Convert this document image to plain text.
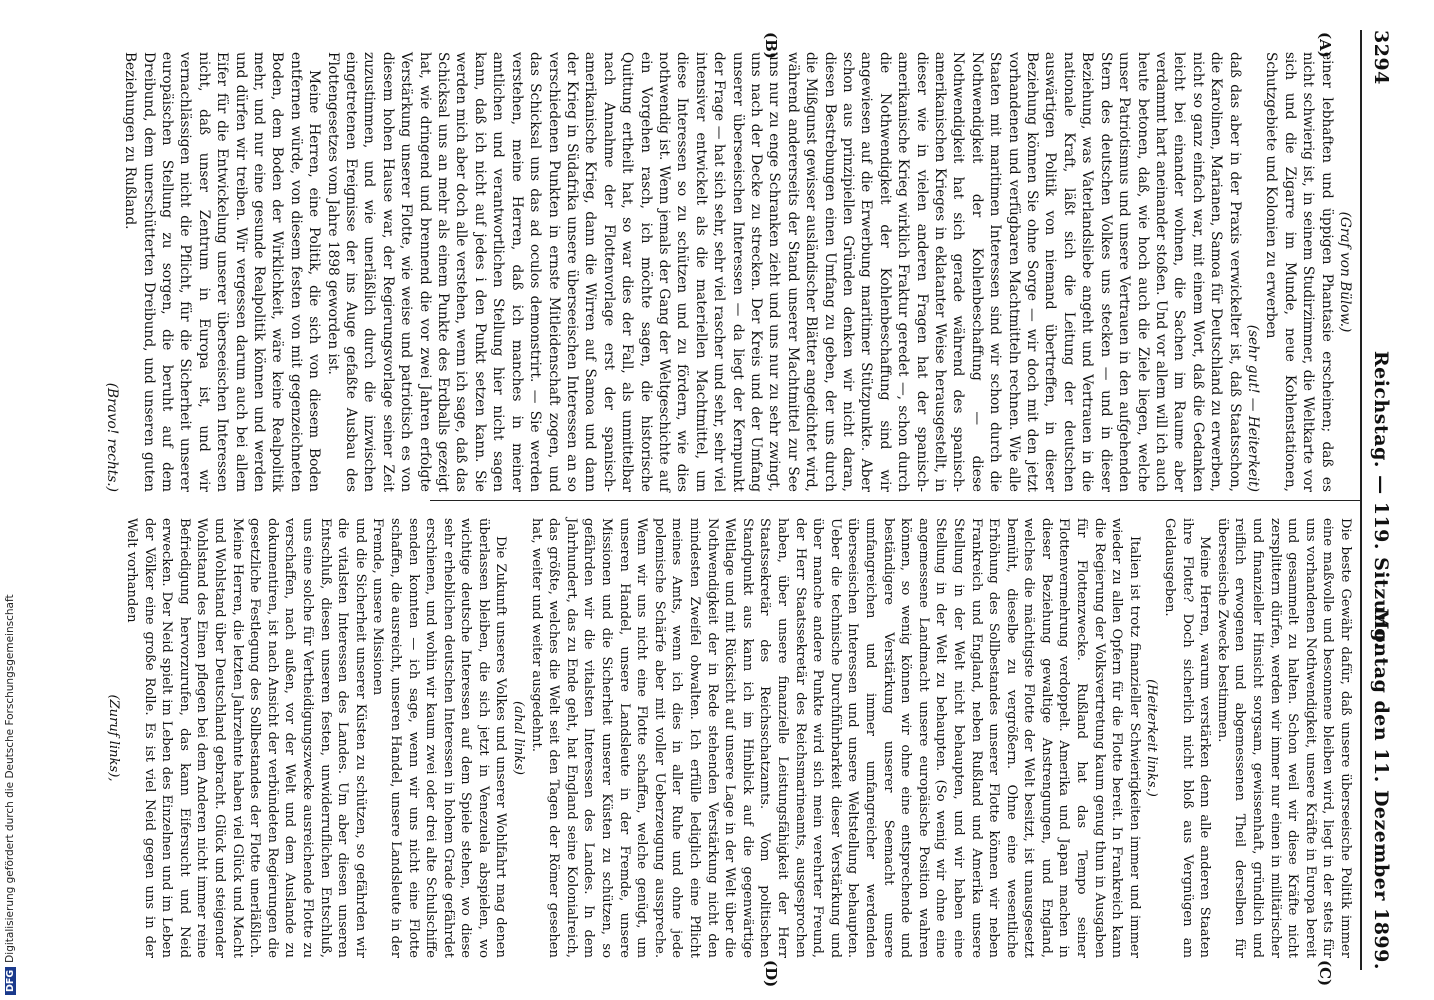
3294
Reichstag. — 119. Sitzung.
Montag den 11. Dezember 1899.
(A)
(B)
(C)
(D)

(Graf von Bülow.)

einer lebhaften und üppigen Phantasie erscheinen; daß es nicht schwierig ist, in seinem Studirzimmer, die Weltkarte vor sich und die Zigarre im Munde, neue Kohlenstationen, Schutzgebiete und Kolonien zu erwerben

(sehr gut! — Heiterkeit)

daß das aber in der Praxis verwickelter ist, daß Staatsschon, die Karolinen, Marianen, Samoa für Deutschland zu erwerben, nicht so ganz einfach war, mit einem Wort, daß die Gedanken leicht bei einander wohnen, die Sachen im Raume aber verdammt hart aneinander stoßen. Und vor allem will ich auch heute betonen, daß, wie hoch auch die Ziele liegen, welche unser Patriotismus und unsere Vertrauen in den aufgehenden Stern des deutschen Volkes uns stecken — und in dieser Beziehung, was Vaterlandsliebe angeht und Vertrauen in die nationale Kraft, läßt sich die Leitung der deutschen auswärtigen Politik von niemand übertreffen, in dieser Beziehung können Sie ohne Sorge — wir doch mit den jetzt vorhandenen und verfügbaren Machtmitteln rechnen. Wie alle Staaten mit maritimen Interessen sind wir schon durch die Nothwendigkeit der Kohlenbeschaffung — diese Nothwendigkeit hat sich gerade während des spanisch-amerikanischen Krieges in eklatanter Weise herausgestellt, in dieser wie in vielen anderen Fragen hat der spanisch-amerikanische Krieg wirklich Fraktur geredet —, schon durch die Nothwendigkeit der Kohlenbeschaffung sind wir angewiesen auf die Erwerbung maritimer Stützpunkte. Aber schon aus prinzipiellen Gründen denken wir nicht daran, diesen Bestrebungen einen Umfang zu geben, der uns durch die Mißgunst gewisser ausländischer Blätter angedichtet wird, während andererseits der Stand unserer Machtmittel zur See uns nur zu enge Schranken zieht und uns nur zu sehr zwingt, uns nach der Decke zu strecken. Der Kreis und der Umfang unserer überseeischen Interessen — da liegt der Kernpunkt der Frage — hat sich sehr, sehr viel rascher und sehr, sehr viel intensiver entwickelt als die materiellen Machtmittel, um diese Interessen so zu schützen und zu fördern, wie dies nothwendig ist. Wenn jemals der Gang der Weltgeschichte auf ein Vorgehen rasch, ich möchte sagen, die historische Quittung ertheilt hat, so war dies der Fall, als unmittelbar nach Annahme der Flottenvorlage erst der spanisch-amerikanische Krieg, dann die Wirren auf Samoa und dann der Krieg in Südafrika unsere überseeischen Interessen an so verschiedenen Punkten in ernste Mitleidenschaft zogen, und das Schicksal uns das ad oculos demonstrirt. — Sie werden verstehen, meine Herren, daß ich manches in meiner amtlichen und verantwortlichen Stellung hier nicht sagen kann, daß ich nicht auf jedes i den Punkt setzen kann. Sie werden mich aber doch alle verstehen, wenn ich sage, daß das Schicksal uns an mehr als einem Punkte des Erdballs gezeigt hat, wie dringend und brennend die vor zwei Jahren erfolgte Verstärkung unserer Flotte, wie weise und patriotisch es von diesem hohen Hause war, der Regierungsvorlage seiner Zeit zuzustimmen, und wie unerläßlich durch die inzwischen eingetretenen Ereignisse der ins Auge gefaßte Ausbau des Flottengesetzes vom Jahre 1898 geworden ist.

Meine Herren, eine Politik, die sich von diesem Boden entfernen würde, von diesem festen von mit gegenzeichneten Boden, dem Boden der Wirklichkeit, wäre keine Realpolitik mehr, und nur eine gesunde Realpolitik können und werden und dürfen wir treiben. Wir vergessen darum auch bei allem Eifer für die Entwickelung unserer überseeischen Interessen nicht, daß unser Zentrum in Europa ist, und wir vernachlässigen nicht die Pflicht, für die Sicherheit unserer europäischen Stellung zu sorgen, die beruht auf dem Dreibund, dem unerschütterten Dreibund, und unseren guten Beziehungen zu Rußland.

(Bravo! rechts.)

Die beste Gewähr dafür, daß unsere überseeische Politik immer eine maßvolle und besonnene bleiben wird, liegt in der stets für uns vorhandenen Nothwendigkeit, unsere Kräfte in Europa bereit und gesammelt zu halten. Schon weil wir diese Kräfte nicht zersplittern dürfen, werden wir immer nur einen in militärischer und finanzieller Hinsicht sorgsam, gewissenhaft, gründlich und reiflich erwogenen und abgemessenen Theil derselben für überseeische Zwecke bestimmen.

Meine Herren, warum verstärken denn alle anderen Staaten ihre Flotte? Doch sicherlich nicht bloß aus Vergnügen am Geldausgeben.

(Heiterkeit links.)

Italien ist trotz finanzieller Schwierigkeiten immer und immer wieder zu allen Opfern für die Flotte bereit. In Frankreich kann die Regierung der Volksvertretung kaum genug thun in Ausgaben für Flottenzwecke. Rußland hat das Tempo seiner Flottenvermehrung verdoppelt. Amerika und Japan machen in dieser Beziehung gewaltige Anstrengungen, und England, welches die mächtigste Flotte der Welt besitzt, ist unausgesetzt bemüht, dieselbe zu vergrößern. Ohne eine wesentliche Erhöhung des Sollbestandes unserer Flotte können wir neben Frankreich und England, neben Rußland und Amerika unsere Stellung in der Welt nicht behaupten, und wir haben eine Stellung in der Welt zu behaupten. (So wenig wir ohne eine angemessene Landmacht unsere europäische Position wahren können, so wenig können wir ohne eine entsprechende und beständigere Verstärkung unserer Seemacht unsere umfangreichen und immer umfangreicher werdenden überseeischen Interessen und unsere Weltstellung behaupten. Ueber die technische Durchführbarkeit dieser Verstärkung und über manche andere Punkte wird sich mein verehrter Freund, der Herr Staatssekretär des Reichsmarineamts, ausgesprochen haben, über unsere finanzielle Leistungsfähigkeit der Herr Staatssekretär des Reichsschatzamts. Vom politischen Standpunkt aus kann ich im Hinblick auf die gegenwärtige Weltlage und mit Rücksicht auf unsere Lage in der Welt über die Nothwendigkeit der in Rede stehenden Verstärkung nicht den mindesten Zweifel obwalten. Ich erfülle lediglich eine Pflicht meines Amts, wenn ich dies in aller Ruhe und ohne jede polemische Schärfe aber mit voller Ueberzeugung ausspreche. Wenn wir uns nicht eine Flotte schaffen, welche genügt, um unseren Handel, unsere Landsleute in der Fremde, unsere Missionen und die Sicherheit unserer Küsten zu schützen, so gefährden wir die vitalsten Interessen des Landes. In dem Jahrhundert, das zu Ende geht, hat England seine Kolonialreich, das größte, welches die Welt seit den Tagen der Römer gesehen hat, weiter und weiter ausgedehnt.

(ahal links)

Die Zukunft unseres Volkes und unserer Wohlfahrt mag denen überlassen bleiben, die sich jetzt in Venezuela abspielen, wo wichtige deutsche Interessen auf dem Spiele stehen, wo diese sehr erheblichen deutschen Interessen in hohem Grade gefährdet erschienen, und wohin wir kaum zwei oder drei alte Schulschiffe senden konnten — ich sage, wenn wir uns nicht eine Flotte schaffen, die ausreicht, unseren Handel, unsere Landsleute in der Fremde, unsere Missionen

und die Sicherheit unserer Küsten zu schützen, so gefährden wir die vitalsten Interessen des Landes. Um aber diesen unseren Entschluß, diesen unseren festen, unwiderruflichen Entschluß, uns eine solche für Vertheidigungszwecke ausreichende Flotte zu verschaffen, nach außen, vor der Welt und dem Auslande zu dokumentiren, ist nach Ansicht der verbündeten Regierungen die gesetzliche Festlegung des Sollbestandes der Flotte unerläßlich. Meine Herren, die letzten Jahrzehnte haben viel Glück und Macht und Wohlstand über Deutschland gebracht. Glück und steigender Wohlstand des Einen pflegen bei dem Anderen nicht immer reine Befriedigung hervorzurufen, das kann Eifersucht und Neid erwecken. Der Neid spielt im Leben des Einzelnen und im Leben der Völker eine große Rolle. Es ist viel Neid gegen uns in der Welt vorhanden

(Zuruf links),

DFGDigitalisierung gefördert durch die Deutsche Forschungsgemeinschaft
